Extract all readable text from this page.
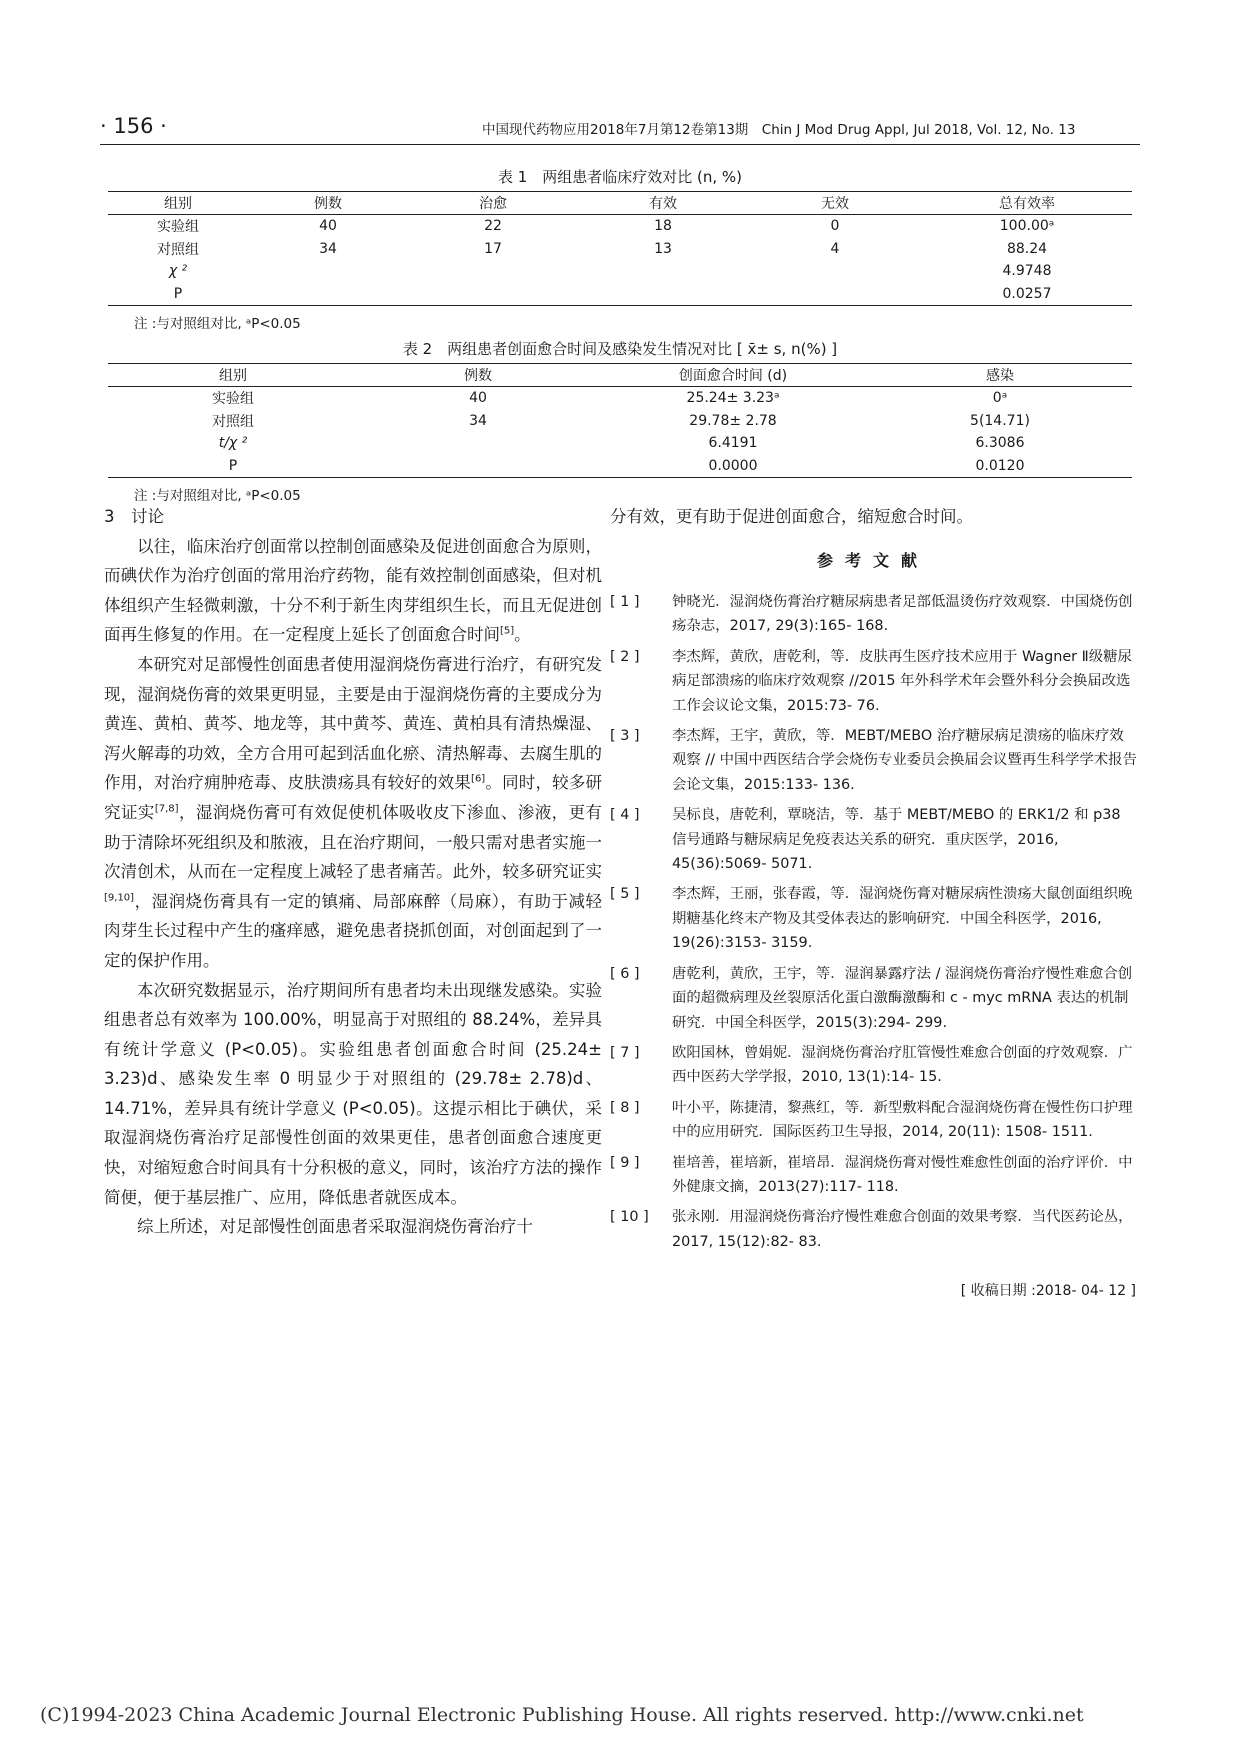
· 156 ·	中国现代药物应用2018年7月第12卷第13期　Chin J Mod Drug Appl, Jul 2018, Vol. 12, No. 13
表 1　两组患者临床疗效对比 (n, %)
组别	例数	治愈	有效	无效	总有效率
实验组	40	22	18	0	100.00ᵃ
对照组	34	17	13	4	88.24
χ ²					4.9748
P					0.0257
注 :与对照组对比, ᵃP<0.05
表 2　两组患者创面愈合时间及感染发生情况对比 [ x̄± s, n(%) ]
组别	例数	创面愈合时间 (d)	感染
实验组	40	25.24± 3.23ᵃ	0ᵃ
对照组	34	29.78± 2.78	5(14.71)
t/χ ²		6.4191	6.3086
P		0.0000	0.0120
注 :与对照组对比, ᵃP<0.05

3　讨论

以往，临床治疗创面常以控制创面感染及促进创面愈合为原则，而碘伏作为治疗创面的常用治疗药物，能有效控制创面感染，但对机体组织产生轻微刺激，十分不利于新生肉芽组织生长，而且无促进创面再生修复的作用。在一定程度上延长了创面愈合时间[5]。

本研究对足部慢性创面患者使用湿润烧伤膏进行治疗，有研究发现，湿润烧伤膏的效果更明显，主要是由于湿润烧伤膏的主要成分为黄连、黄柏、黄芩、地龙等，其中黄芩、黄连、黄柏具有清热燥湿、泻火解毒的功效，全方合用可起到活血化瘀、清热解毒、去腐生肌的作用，对治疗痈肿疮毒、皮肤溃疡具有较好的效果[6]。同时，较多研究证实[7,8]，湿润烧伤膏可有效促使机体吸收皮下渗血、渗液，更有助于清除坏死组织及和脓液，且在治疗期间，一般只需对患者实施一次清创术，从而在一定程度上减轻了患者痛苦。此外，较多研究证实[9,10]，湿润烧伤膏具有一定的镇痛、局部麻醉（局麻），有助于减轻肉芽生长过程中产生的瘙痒感，避免患者挠抓创面，对创面起到了一定的保护作用。

本次研究数据显示，治疗期间所有患者均未出现继发感染。实验组患者总有效率为 100.00%，明显高于对照组的 88.24%，差异具有统计学意义 (P<0.05)。实验组患者创面愈合时间 (25.24± 3.23)d、感染发生率 0 明显少于对照组的 (29.78± 2.78)d、14.71%，差异具有统计学意义 (P<0.05)。这提示相比于碘伏，采取湿润烧伤膏治疗足部慢性创面的效果更佳，患者创面愈合速度更快，对缩短愈合时间具有十分积极的意义，同时，该治疗方法的操作简便，便于基层推广、应用，降低患者就医成本。

综上所述，对足部慢性创面患者采取湿润烧伤膏治疗十

分有效，更有助于促进创面愈合，缩短愈合时间。

参考文献
[ 1 ]	钟晓光．湿润烧伤膏治疗糖尿病患者足部低温烫伤疗效观察．中国烧伤创疡杂志，2017, 29(3):165- 168.
[ 2 ]	李杰辉，黄欣，唐乾利，等．皮肤再生医疗技术应用于 Wagner Ⅱ级糖尿病足部溃疡的临床疗效观察 //2015 年外科学术年会暨外科分会换届改选工作会议论文集，2015:73- 76.
[ 3 ]	李杰辉，王宇，黄欣，等．MEBT/MEBO 治疗糖尿病足溃疡的临床疗效观察 // 中国中西医结合学会烧伤专业委员会换届会议暨再生科学学术报告会论文集，2015:133- 136.
[ 4 ]	吴标良，唐乾利，覃晓洁，等．基于 MEBT/MEBO 的 ERK1/2 和 p38 信号通路与糖尿病足免疫表达关系的研究．重庆医学，2016, 45(36):5069- 5071.
[ 5 ]	李杰辉，王丽，张春霞，等．湿润烧伤膏对糖尿病性溃疡大鼠创面组织晚期糖基化终末产物及其受体表达的影响研究．中国全科医学，2016, 19(26):3153- 3159.
[ 6 ]	唐乾利，黄欣，王宇，等．湿润暴露疗法 / 湿润烧伤膏治疗慢性难愈合创面的超微病理及丝裂原活化蛋白激酶激酶和 c - myc mRNA 表达的机制研究．中国全科医学，2015(3):294- 299.
[ 7 ]	欧阳国林，曾娟妮．湿润烧伤膏治疗肛管慢性难愈合创面的疗效观察．广西中医药大学学报，2010, 13(1):14- 15.
[ 8 ]	叶小平，陈捷清，黎燕红，等．新型敷料配合湿润烧伤膏在慢性伤口护理中的应用研究．国际医药卫生导报，2014, 20(11): 1508- 1511.
[ 9 ]	崔培善，崔培新，崔培昂．湿润烧伤膏对慢性难愈性创面的治疗评价．中外健康文摘，2013(27):117- 118.
[ 10 ]	张永刚．用湿润烧伤膏治疗慢性难愈合创面的效果考察．当代医药论丛，2017, 15(12):82- 83.
[ 收稿日期 :2018- 04- 12 ]
(C)1994-2023 China Academic Journal Electronic Publishing House. All rights reserved. http://www.cnki.net
